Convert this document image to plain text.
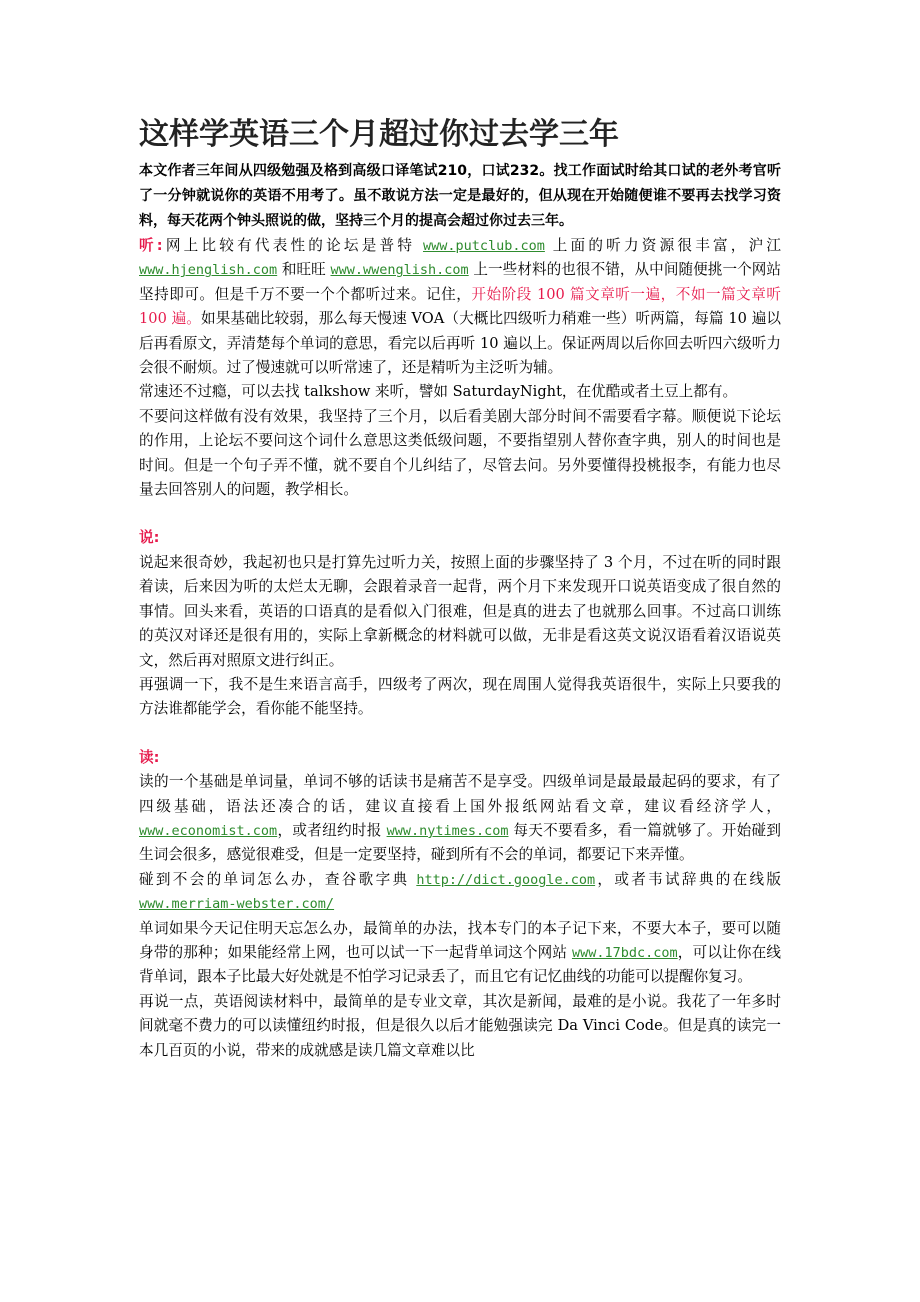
这样学英语三个月超过你过去学三年

本文作者三年间从四级勉强及格到高级口译笔试210，口试232。找工作面试时给其口试的老外考官听了一分钟就说你的英语不用考了。虽不敢说方法一定是最好的，但从现在开始随便谁不要再去找学习资料，每天花两个钟头照说的做，坚持三个月的提高会超过你过去三年。

听:网上比较有代表性的论坛是普特 www.putclub.com 上面的听力资源很丰富，沪江 www.hjenglish.com 和旺旺 www.wwenglish.com 上一些材料的也很不错，从中间随便挑一个网站坚持即可。但是千万不要一个个都听过来。记住，开始阶段 100 篇文章听一遍，不如一篇文章听 100 遍。如果基础比较弱，那么每天慢速 VOA（大概比四级听力稍难一些）听两篇，每篇 10 遍以后再看原文，弄清楚每个单词的意思，看完以后再听 10 遍以上。保证两周以后你回去听四六级听力会很不耐烦。过了慢速就可以听常速了，还是精听为主泛听为辅。

常速还不过瘾，可以去找 talkshow 来听，譬如 SaturdayNight，在优酷或者土豆上都有。

不要问这样做有没有效果，我坚持了三个月，以后看美剧大部分时间不需要看字幕。顺便说下论坛的作用，上论坛不要问这个词什么意思这类低级问题，不要指望别人替你查字典，别人的时间也是时间。但是一个句子弄不懂，就不要自个儿纠结了，尽管去问。另外要懂得投桃报李，有能力也尽量去回答别人的问题，教学相长。

说:

说起来很奇妙，我起初也只是打算先过听力关，按照上面的步骤坚持了 3 个月，不过在听的同时跟着读，后来因为听的太烂太无聊，会跟着录音一起背，两个月下来发现开口说英语变成了很自然的事情。回头来看，英语的口语真的是看似入门很难，但是真的进去了也就那么回事。不过高口训练的英汉对译还是很有用的，实际上拿新概念的材料就可以做，无非是看这英文说汉语看着汉语说英文，然后再对照原文进行纠正。

再强调一下，我不是生来语言高手，四级考了两次，现在周围人觉得我英语很牛，实际上只要我的方法谁都能学会，看你能不能坚持。

读:

读的一个基础是单词量，单词不够的话读书是痛苦不是享受。四级单词是最最最起码的要求，有了四级基础，语法还凑合的话，建议直接看上国外报纸网站看文章，建议看经济学人，www.economist.com，或者纽约时报 www.nytimes.com 每天不要看多，看一篇就够了。开始碰到生词会很多，感觉很难受，但是一定要坚持，碰到所有不会的单词，都要记下来弄懂。

碰到不会的单词怎么办，查谷歌字典 http://dict.google.com，或者韦试辞典的在线版 www.merriam-webster.com/

单词如果今天记住明天忘怎么办，最简单的办法，找本专门的本子记下来，不要大本子，要可以随身带的那种；如果能经常上网，也可以试一下一起背单词这个网站 www.17bdc.com，可以让你在线背单词，跟本子比最大好处就是不怕学习记录丢了，而且它有记忆曲线的功能可以提醒你复习。

再说一点，英语阅读材料中，最简单的是专业文章，其次是新闻，最难的是小说。我花了一年多时间就毫不费力的可以读懂纽约时报，但是很久以后才能勉强读完 Da Vinci Code。但是真的读完一本几百页的小说，带来的成就感是读几篇文章难以比
